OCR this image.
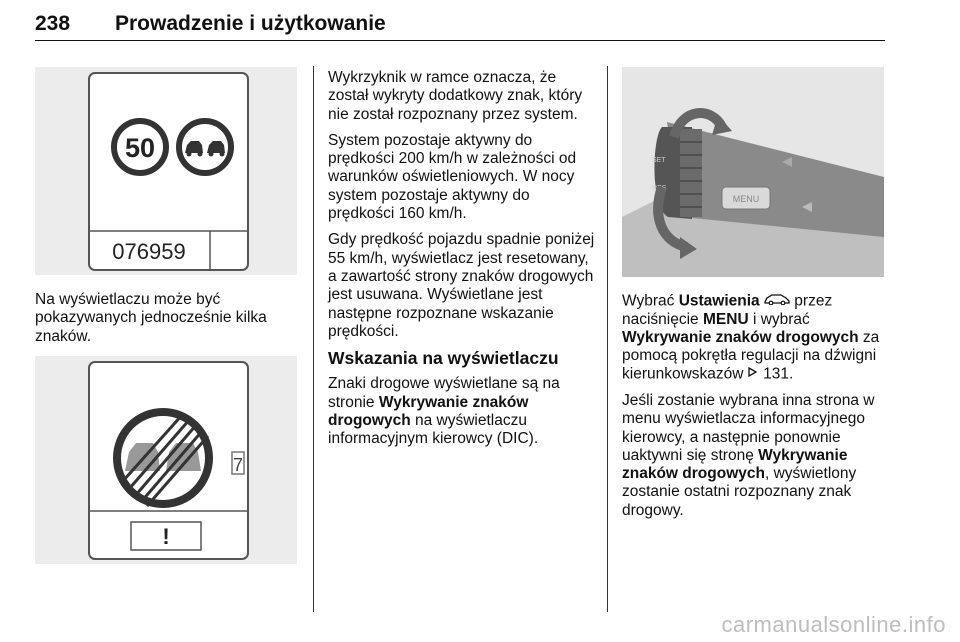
238 Prowadzenie i użytkowanie
50
076959

Na wyświetlaczu może być pokazywanych jednocześnie kilka znaków.

7
!

Wykrzyknik w ramce oznacza, że został wykryty dodatkowy znak, który nie został rozpoznany przez system.

System pozostaje aktywny do prędkości 200 km/h w zależności od warunków oświetleniowych. W nocy system pozostaje aktywny do prędkości 160 km/h.

Gdy prędkość pojazdu spadnie poniżej 55 km/h, wyświetlacz jest resetowany, a zawartość strony znaków drogowych jest usuwana. Wyświetlane jest następne rozpoznane wskazanie prędkości.

Wskazania na wyświetlaczu

Znaki drogowe wyświetlane są na stronie Wykrywanie znaków drogowych na wyświetlaczu informacyjnym kierowcy (DIC).

MENU
SET
RES

Wybrać Ustawienia  przez naciśnięcie MENU i wybrać Wykrywanie znaków drogowych za pomocą pokrętła regulacji na dźwigni kierunkowskazów  131.

Jeśli zostanie wybrana inna strona w menu wyświetlacza informacyjnego kierowcy, a następnie ponownie uaktywni się stronę Wykrywanie znaków drogowych, wyświetlony zostanie ostatni rozpoznany znak drogowy.

carmanualsonline.info
